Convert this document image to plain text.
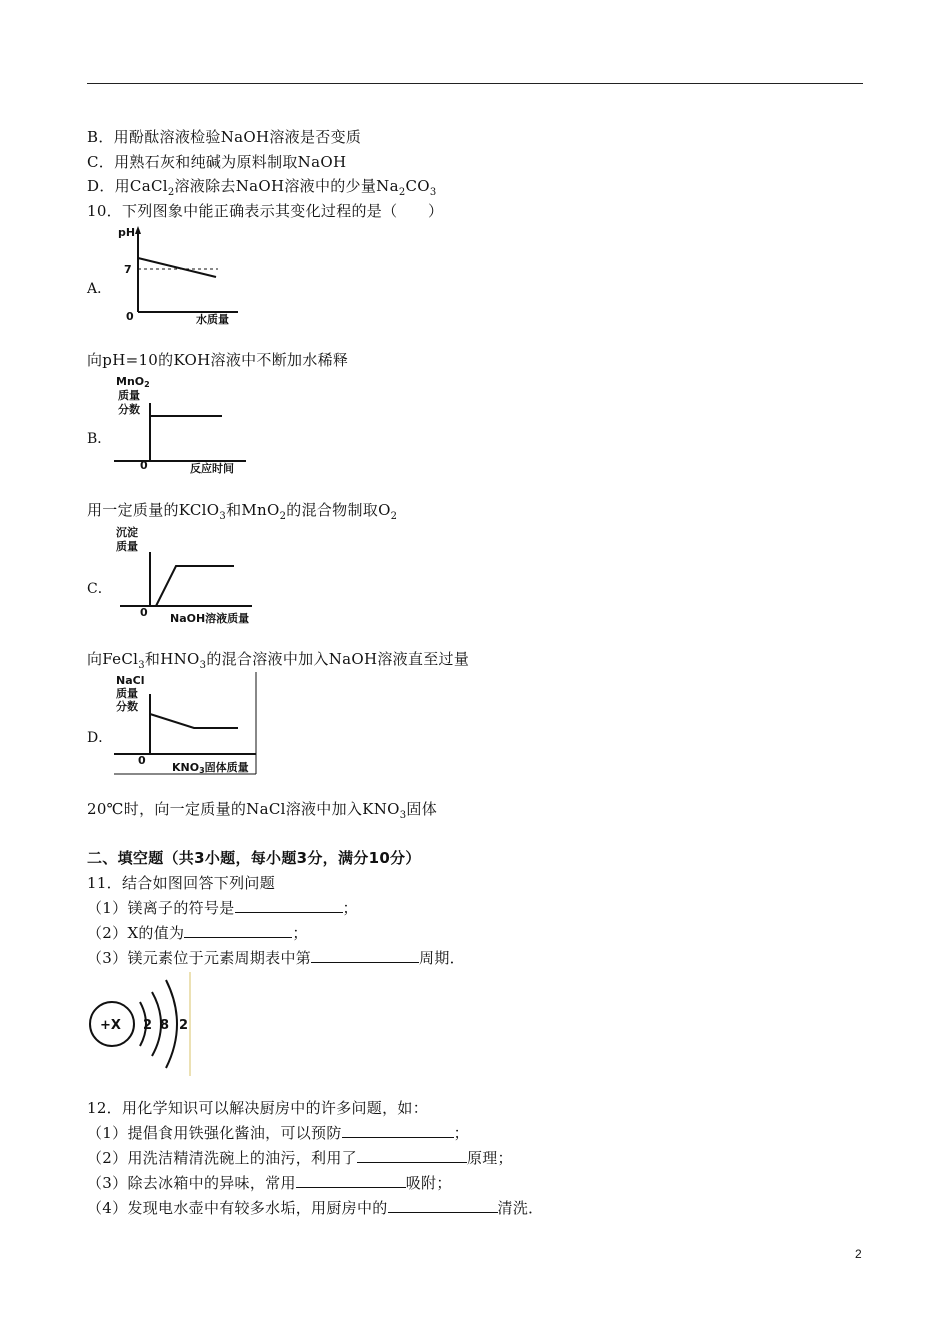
B．用酚酞溶液检验NaOH溶液是否变质
C．用熟石灰和纯碱为原料制取NaOH
D．用CaCl$_2$溶液除去NaOH溶液中的少量$Na_2CO_3$
10．下列图象中能正确表示其变化过程的是（　　）
A．
pH
7
0	水质量
向pH=10的KOH溶液中不断加水稀释
B．
MnO2
质量
分数
0	反应时间
用一定质量的KClO$_3$和MnO$_2$的混合物制取$O_2$
C．
沉淀
质量
0 NaOH溶液质量
向FeCl$_3$和$HNO_3$的混合溶液中加入NaOH溶液直至过量
D．
NaCl
质量
分数
0
KNO3固体质量
20℃时，向一定质量的NaCl溶液中加入$KNO_3$固体
二、填空题（共3小题，每小题3分，满分10分）
11．结合如图回答下列问题
（1）镁离子的符号是	；
（2）X的值为	；
（3）镁元素位于元素周期表中第	周期．
+X 2 8 2
12．用化学知识可以解决厨房中的许多问题，如：
（1）提倡食用铁强化酱油，可以预防	；
（2）用洗洁精清洗碗上的油污，利用了	原理；
（3）除去冰箱中的异味，常用	吸附；
（4）发现电水壶中有较多水垢，用厨房中的	清洗．
2
